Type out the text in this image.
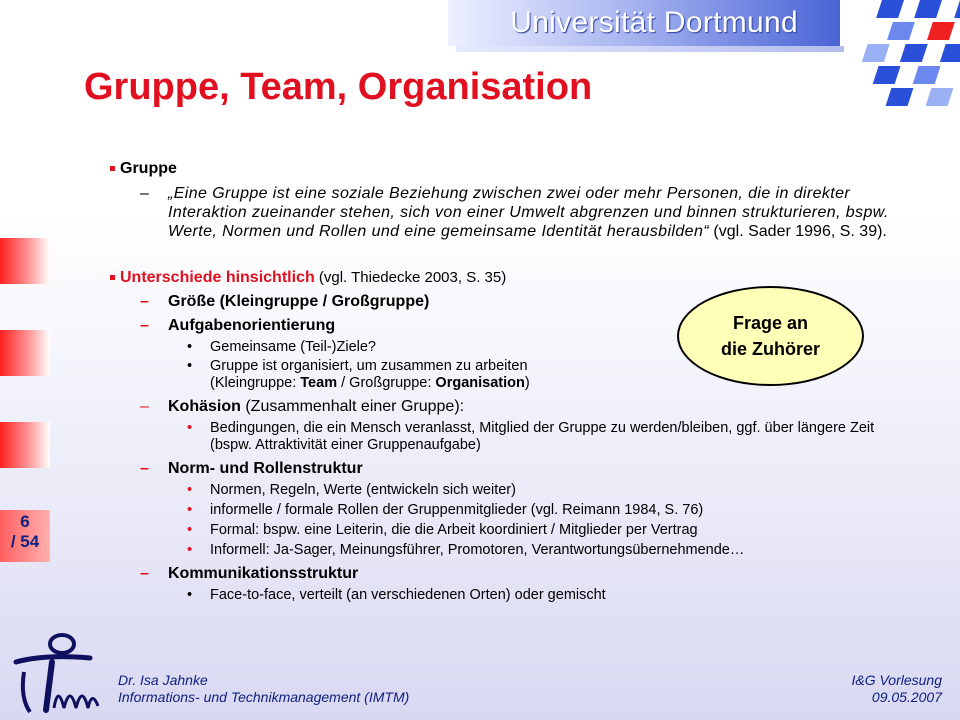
Universität Dortmund
Gruppe, Team, Organisation
6
/ 54
Gruppe
– „Eine Gruppe ist eine soziale Beziehung zwischen zwei oder mehr Personen, die in direkter Interaktion zueinander stehen, sich von einer Umwelt abgrenzen und binnen strukturieren, bspw. Werte, Normen und Rollen und eine gemeinsame Identität herausbilden“ (vgl. Sader 1996, S. 39).
Unterschiede hinsichtlich (vgl. Thiedecke 2003, S. 35)
– Größe (Kleingruppe / Großgruppe)
– Aufgabenorientierung
• Gemeinsame (Teil-)Ziele?
• Gruppe ist organisiert, um zusammen zu arbeiten
(Kleingruppe: Team / Großgruppe: Organisation)
– Kohäsion (Zusammenhalt einer Gruppe):
• Bedingungen, die ein Mensch veranlasst, Mitglied der Gruppe zu werden/bleiben, ggf. über längere Zeit (bspw. Attraktivität einer Gruppenaufgabe)
– Norm- und Rollenstruktur
• Normen, Regeln, Werte (entwickeln sich weiter)
• informelle / formale Rollen der Gruppenmitglieder (vgl. Reimann 1984, S. 76)
• Formal: bspw. eine Leiterin, die die Arbeit koordiniert / Mitglieder per Vertrag
• Informell: Ja-Sager, Meinungsführer, Promotoren, Verantwortungsübernehmende…
– Kommunikationsstruktur
• Face-to-face, verteilt (an verschiedenen Orten) oder gemischt
Frage an
die Zuhörer
Dr. Isa Jahnke
Informations- und Technikmanagement (IMTM)
I&G Vorlesung
09.05.2007
